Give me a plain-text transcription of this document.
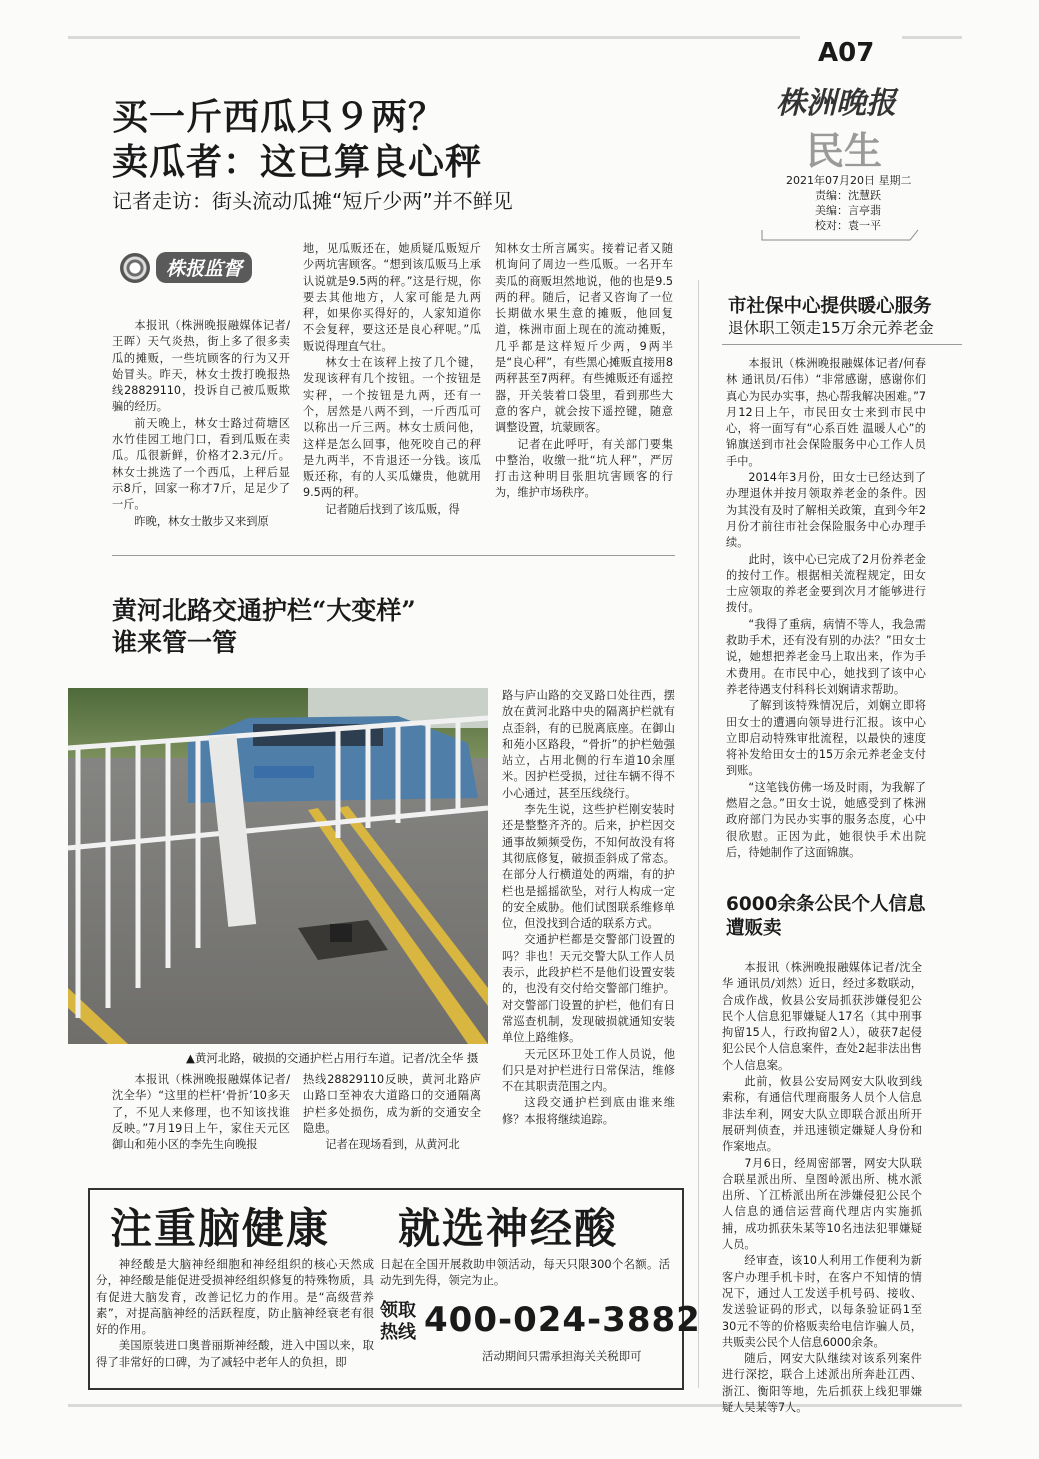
A07
株洲晚报
民生
2021年07月20日 星期二
责编：沈慧跃
美编：言亭翡
校对：袁一平
买一斤西瓜只９两？
卖瓜者：这已算良心秤
记者走访：街头流动瓜摊“短斤少两”并不鲜见
株报监督

本报讯（株洲晚报融媒体记者/王晖）天气炎热，街上多了很多卖瓜的摊贩，一些坑顾客的行为又开始冒头。昨天，林女士拨打晚报热线28829110，投诉自己被瓜贩欺骗的经历。

前天晚上，林女士路过荷塘区水竹佳园工地门口，看到瓜贩在卖瓜。瓜很新鲜，价格才2.3元/斤。林女士挑选了一个西瓜，上秤后显示8斤，回家一称才7斤，足足少了一斤。

昨晚，林女士散步又来到原

地，见瓜贩还在，她质疑瓜贩短斤少两坑害顾客。“想到该瓜贩马上承认说就是9.5两的秤。”这是行规，你要去其他地方，人家可能是九两秤，如果你买得好的，人家知道你不会复秤，要这还是良心秤呢。”瓜贩说得理直气壮。

林女士在该秤上按了几个键，发现该秤有几个按钮。一个按钮是实秤，一个按钮是九两，还有一个，居然是八两不到，一斤西瓜可以称出一斤三两。林女士质问他，这样是怎么回事，他死咬自己的秤是九两半，不肯退还一分钱。该瓜贩还称，有的人买瓜嫌贵，他就用9.5两的秤。

记者随后找到了该瓜贩，得

知林女士所言属实。接着记者又随机询问了周边一些瓜贩。一名开车卖瓜的商贩坦然地说，他的也是9.5两的秤。随后，记者又咨询了一位长期做水果生意的摊贩，他回复道，株洲市面上现在的流动摊贩，几乎都是这样短斤少两，9两半是“良心秤”，有些黑心摊贩直接用8两秤甚至7两秤。有些摊贩还有遥控器，开关装着口袋里，看到那些大意的客户，就会按下遥控键，随意调整设置，坑蒙顾客。

记者在此呼吁，有关部门要集中整治，收缴一批“坑人秤”，严厉打击这种明目张胆坑害顾客的行为，维护市场秩序。

黄河北路交通护栏“大变样”
谁来管一管
▲黄河北路，破损的交通护栏占用行车道。记者/沈全华 摄

路与庐山路的交叉路口处往西，摆放在黄河北路中央的隔离护栏就有点歪斜，有的已脱离底座。在御山和苑小区路段，“骨折”的护栏勉强站立，占用北侧的行车道10余厘米。因护栏受损，过往车辆不得不小心通过，甚至压线绕行。

李先生说，这些护栏刚安装时还是整整齐齐的。后来，护栏因交通事故频频受伤，不知何故没有将其彻底修复，破损歪斜成了常态。在部分人行横道处的两端，有的护栏也是摇摇欲坠，对行人构成一定的安全威胁。他们试图联系维修单位，但没找到合适的联系方式。

交通护栏都是交警部门设置的吗？非也！天元交警大队工作人员表示，此段护栏不是他们设置安装的，也没有交付给交警部门维护。对交警部门设置的护栏，他们有日常巡查机制，发现破损就通知安装单位上路维修。

天元区环卫处工作人员说，他们只是对护栏进行日常保洁，维修不在其职责范围之内。

这段交通护栏到底由谁来维修？本报将继续追踪。

本报讯（株洲晚报融媒体记者/沈全华）“这里的栏杆‘骨折’10多天了，不见人来修理，也不知该找谁反映。”7月19日上午，家住天元区御山和苑小区的李先生向晚报

热线28829110反映，黄河北路庐山路口至神农大道路口的交通隔离护栏多处损伤，成为新的交通安全隐患。

记者在现场看到，从黄河北

市社保中心提供暖心服务
退休职工领走15万余元养老金

本报讯（株洲晚报融媒体记者/何春林 通讯员/石伟）“非常感谢，感谢你们真心为民办实事，热心帮我解决困难。”7月12日上午，市民田女士来到市民中心，将一面写有“心系百姓 温暖人心”的锦旗送到市社会保险服务中心工作人员手中。

2014年3月份，田女士已经达到了办理退休并按月领取养老金的条件。因为其没有及时了解相关政策，直到今年2月份才前往市社会保险服务中心办理手续。

此时，该中心已完成了2月份养老金的按付工作。根据相关流程规定，田女士应领取的养老金要到次月才能够进行拨付。

“我得了重病，病情不等人，我急需救助手术，还有没有别的办法？”田女士说，她想把养老金马上取出来，作为手术费用。在市民中心，她找到了该中心养老待遇支付科科长刘娴请求帮助。

了解到该特殊情况后，刘娴立即将田女士的遭遇向领导进行汇报。该中心立即启动特殊审批流程，以最快的速度将补发给田女士的15万余元养老金支付到账。

“这笔钱仿佛一场及时雨，为我解了燃眉之急。”田女士说，她感受到了株洲政府部门为民办实事的服务态度，心中很欣慰。正因为此，她很快手术出院后，待她制作了这面锦旗。

6000余条公民个人信息
遭贩卖

本报讯（株洲晚报融媒体记者/沈全华 通讯员/刘然）近日，经过多数联动，合成作战，攸县公安局抓获涉嫌侵犯公民个人信息犯罪嫌疑人17名（其中刑事拘留15人，行政拘留2人），破获7起侵犯公民个人信息案件，查处2起非法出售个人信息案。

此前，攸县公安局网安大队收到线索称，有通信代理商服务人员个人信息非法牟利，网安大队立即联合派出所开展研判侦查，并迅速锁定嫌疑人身份和作案地点。

7月6日，经周密部署，网安大队联合联星派出所、皇图岭派出所、桃水派出所、丫江桥派出所在涉嫌侵犯公民个人信息的通信运营商代理店内实施抓捕，成功抓获朱某等10名违法犯罪嫌疑人员。

经审查，该10人利用工作便利为新客户办理手机卡时，在客户不知情的情况下，通过人工发送手机号码、接收、发送验证码的形式，以每条验证码1至30元不等的价格贩卖给电信诈骗人员，共贩卖公民个人信息6000余条。

随后，网安大队继续对该系列案件进行深挖，联合上述派出所奔赴江西、浙江、衡阳等地，先后抓获上线犯罪嫌疑人吴某等7人。

注重脑健康 就选神经酸

神经酸是大脑神经细胞和神经组织的核心天然成分，神经酸是能促进受损神经组织修复的特殊物质，具有促进大脑发育，改善记忆力的作用。是“高级营养素”，对提高脑神经的活跃程度，防止脑神经衰老有很好的作用。

美国原装进口奥普丽斯神经酸，进入中国以来，取得了非常好的口碑，为了减轻中老年人的负担，即

日起在全国开展救助申领活动，每天只限300个名额。活动先到先得，领完为止。

领取热线 400-024-3882
活动期间只需承担海关关税即可
